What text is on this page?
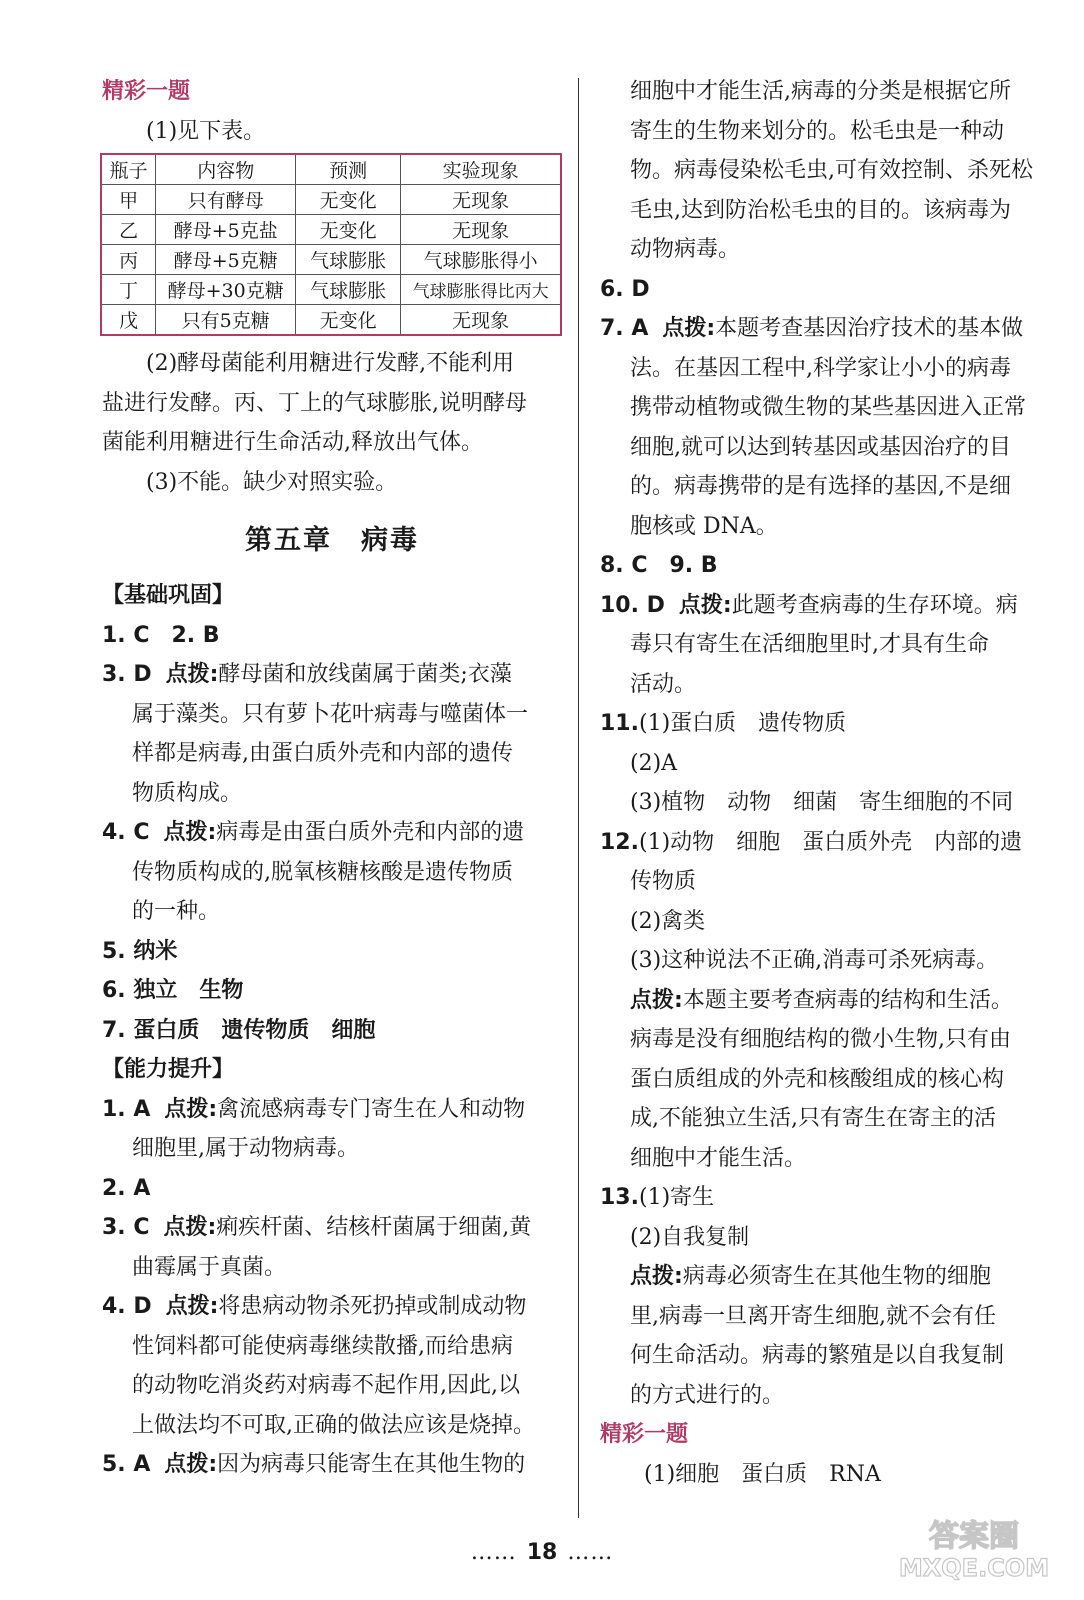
精彩一题

(1)见下表。

瓶子	内容物	预测	实验现象
甲	只有酵母	无变化	无现象
乙	酵母+5克盐	无变化	无现象
丙	酵母+5克糖	气球膨胀	气球膨胀得小
丁	酵母+30克糖	气球膨胀	气球膨胀得比丙大
戊	只有5克糖	无变化	无现象

(2)酵母菌能利用糖进行发酵,不能利用

盐进行发酵。丙、丁上的气球膨胀,说明酵母

菌能利用糖进行生命活动,释放出气体。

(3)不能。缺少对照实验。

第五章　病毒

【基础巩固】

1. C　2. B

3. D 点拨:酵母菌和放线菌属于菌类;衣藻

属于藻类。只有萝卜花叶病毒与噬菌体一

样都是病毒,由蛋白质外壳和内部的遗传

物质构成。

4. C 点拨:病毒是由蛋白质外壳和内部的遗

传物质构成的,脱氧核糖核酸是遗传物质

的一种。

5. 纳米

6. 独立　生物

7. 蛋白质　遗传物质　细胞

【能力提升】

1. A 点拨:禽流感病毒专门寄生在人和动物

细胞里,属于动物病毒。

2. A

3. C 点拨:痢疾杆菌、结核杆菌属于细菌,黄

曲霉属于真菌。

4. D 点拨:将患病动物杀死扔掉或制成动物

性饲料都可能使病毒继续散播,而给患病

的动物吃消炎药对病毒不起作用,因此,以

上做法均不可取,正确的做法应该是烧掉。

5. A 点拨:因为病毒只能寄生在其他生物的

细胞中才能生活,病毒的分类是根据它所

寄生的生物来划分的。松毛虫是一种动

物。病毒侵染松毛虫,可有效控制、杀死松

毛虫,达到防治松毛虫的目的。该病毒为

动物病毒。

6. D

7. A 点拨:本题考查基因治疗技术的基本做

法。在基因工程中,科学家让小小的病毒

携带动植物或微生物的某些基因进入正常

细胞,就可以达到转基因或基因治疗的目

的。病毒携带的是有选择的基因,不是细

胞核或 DNA。

8. C　9. B

10. D 点拨:此题考查病毒的生存环境。病

毒只有寄生在活细胞里时,才具有生命

活动。

11.(1)蛋白质　遗传物质

(2)A

(3)植物　动物　细菌　寄生细胞的不同

12.(1)动物　细胞　蛋白质外壳　内部的遗

传物质

(2)禽类

(3)这种说法不正确,消毒可杀死病毒。

点拨:本题主要考查病毒的结构和生活。

病毒是没有细胞结构的微小生物,只有由

蛋白质组成的外壳和核酸组成的核心构

成,不能独立生活,只有寄生在寄主的活

细胞中才能生活。

13.(1)寄生

(2)自我复制

点拨:病毒必须寄生在其他生物的细胞

里,病毒一旦离开寄生细胞,就不会有任

何生命活动。病毒的繁殖是以自我复制

的方式进行的。

精彩一题

(1)细胞　蛋白质　RNA

…… 18 ……	答案圈
MXQE.COM
